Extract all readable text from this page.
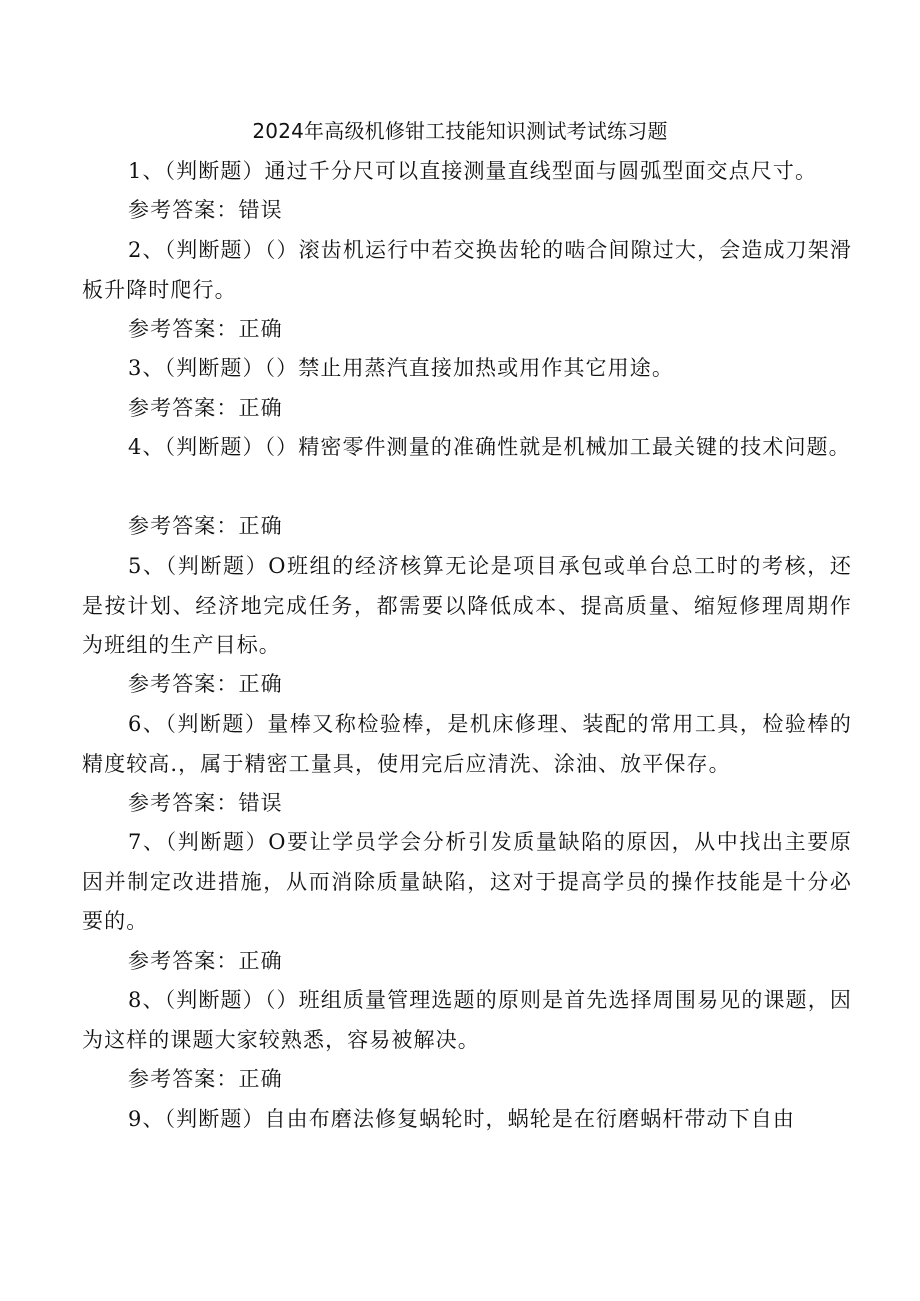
2024年高级机修钳工技能知识测试考试练习题
1、（判断题）通过千分尺可以直接测量直线型面与圆弧型面交点尺寸。
参考答案：错误
2、（判断题）（）滚齿机运行中若交换齿轮的啮合间隙过大，会造成刀架滑板升降时爬行。
参考答案：正确
3、（判断题）（）禁止用蒸汽直接加热或用作其它用途。
参考答案：正确
4、（判断题）（）精密零件测量的准确性就是机械加工最关键的技术问题。
参考答案：正确
5、（判断题）O班组的经济核算无论是项目承包或单台总工时的考核，还是按计划、经济地完成任务，都需要以降低成本、提高质量、缩短修理周期作为班组的生产目标。
参考答案：正确
6、（判断题）量棒又称检验棒，是机床修理、装配的常用工具，检验棒的精度较高.，属于精密工量具，使用完后应清洗、涂油、放平保存。
参考答案：错误
7、（判断题）O要让学员学会分析引发质量缺陷的原因，从中找出主要原因并制定改进措施，从而消除质量缺陷，这对于提高学员的操作技能是十分必要的。
参考答案：正确
8、（判断题）（）班组质量管理选题的原则是首先选择周围易见的课题，因为这样的课题大家较熟悉，容易被解决。
参考答案：正确
9、（判断题）自由布磨法修复蜗轮时，蜗轮是在衍磨蜗杆带动下自由
